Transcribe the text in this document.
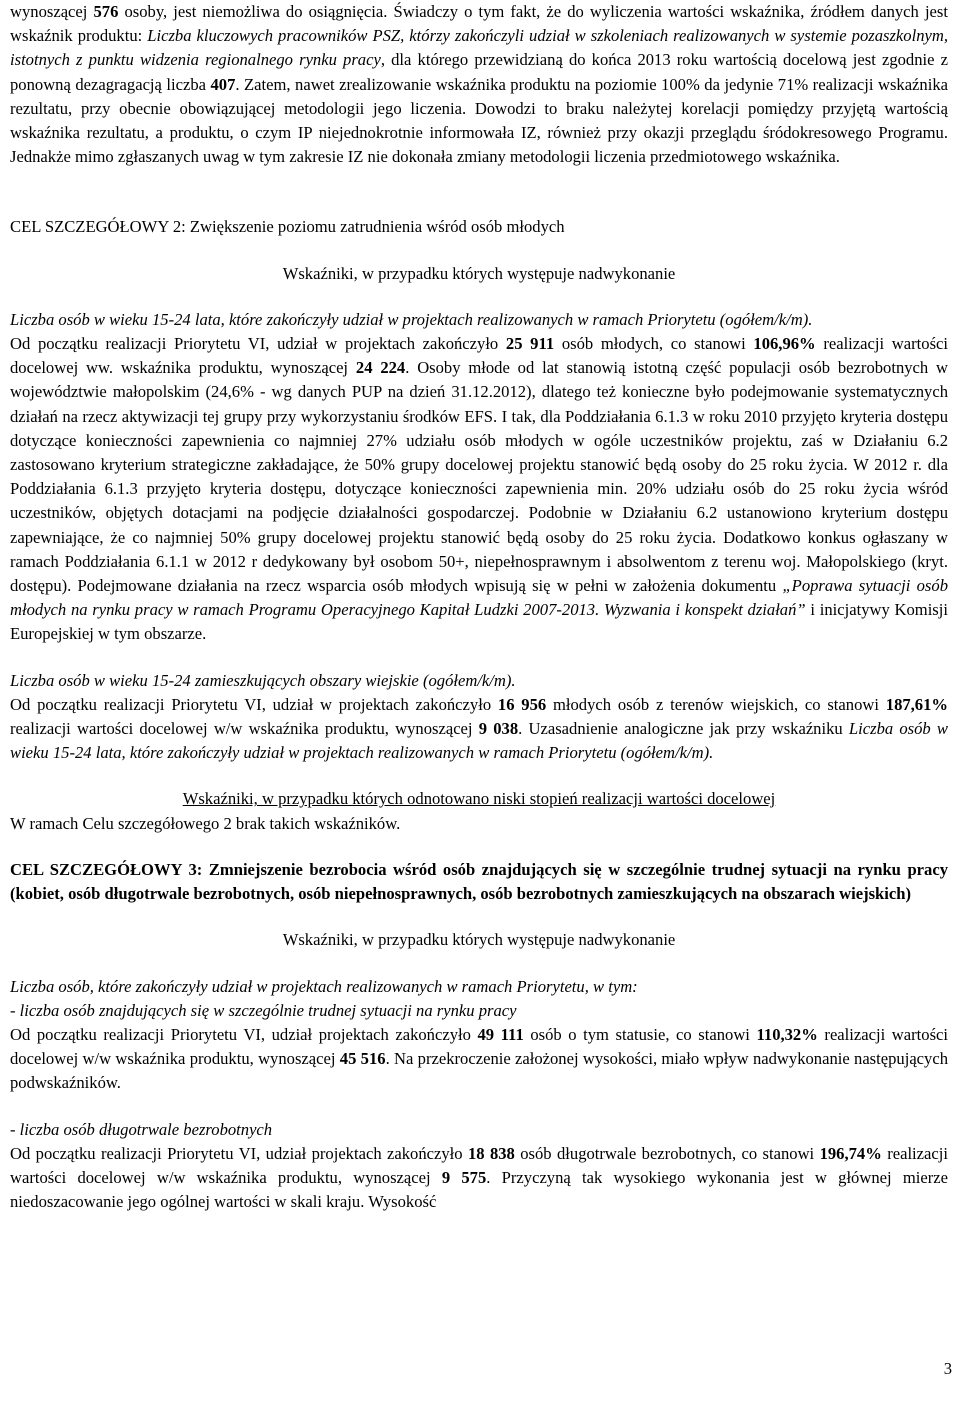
wynoszącej 576 osoby, jest niemożliwa do osiągnięcia. Świadczy o tym fakt, że do wyliczenia wartości wskaźnika, źródłem danych jest wskaźnik produktu: Liczba kluczowych pracowników PSZ, którzy zakończyli udział w szkoleniach realizowanych w systemie pozaszkolnym, istotnych z punktu widzenia regionalnego rynku pracy, dla którego przewidzianą do końca 2013 roku wartością docelową jest zgodnie z ponowną dezagragacją liczba 407. Zatem, nawet zrealizowanie wskaźnika produktu na poziomie 100% da jedynie 71% realizacji wskaźnika rezultatu, przy obecnie obowiązującej metodologii jego liczenia. Dowodzi to braku należytej korelacji pomiędzy przyjętą wartością wskaźnika rezultatu, a produktu, o czym IP niejednokrotnie informowała IZ, również przy okazji przeglądu śródokresowego Programu. Jednakże mimo zgłaszanych uwag w tym zakresie IZ nie dokonała zmiany metodologii liczenia przedmiotowego wskaźnika.

CEL SZCZEGÓŁOWY 2: Zwiększenie poziomu zatrudnienia wśród osób młodych

Wskaźniki, w przypadku których występuje nadwykonanie

Liczba osób w wieku 15-24 lata, które zakończyły udział w projektach realizowanych w ramach Priorytetu (ogółem/k/m).

Od początku realizacji Priorytetu VI, udział w projektach zakończyło 25 911 osób młodych, co stanowi 106,96% realizacji wartości docelowej ww. wskaźnika produktu, wynoszącej 24 224. Osoby młode od lat stanowią istotną część populacji osób bezrobotnych w województwie małopolskim (24,6% - wg danych PUP na dzień 31.12.2012), dlatego też konieczne było podejmowanie systematycznych działań na rzecz aktywizacji tej grupy przy wykorzystaniu środków EFS. I tak, dla Poddziałania 6.1.3 w roku 2010 przyjęto kryteria dostępu dotyczące konieczności zapewnienia co najmniej 27% udziału osób młodych w ogóle uczestników projektu, zaś w Działaniu 6.2 zastosowano kryterium strategiczne zakładające, że 50% grupy docelowej projektu stanowić będą osoby do 25 roku życia. W 2012 r. dla Poddziałania 6.1.3 przyjęto kryteria dostępu, dotyczące konieczności zapewnienia min. 20% udziału osób do 25 roku życia wśród uczestników, objętych dotacjami na podjęcie działalności gospodarczej. Podobnie w Działaniu 6.2 ustanowiono kryterium dostępu zapewniające, że co najmniej 50% grupy docelowej projektu stanowić będą osoby do 25 roku życia. Dodatkowo konkus ogłaszany w ramach Poddziałania 6.1.1 w 2012 r dedykowany był osobom 50+, niepełnosprawnym i absolwentom z terenu woj. Małopolskiego (kryt. dostępu). Podejmowane działania na rzecz wsparcia osób młodych wpisują się w pełni w założenia dokumentu „Poprawa sytuacji osób młodych na rynku pracy w ramach Programu Operacyjnego Kapitał Ludzki 2007-2013. Wyzwania i konspekt działań” i inicjatywy Komisji Europejskiej w tym obszarze.

Liczba osób w wieku 15-24 zamieszkujących obszary wiejskie (ogółem/k/m).

Od początku realizacji Priorytetu VI, udział w projektach zakończyło 16 956 młodych osób z terenów wiejskich, co stanowi 187,61% realizacji wartości docelowej w/w wskaźnika produktu, wynoszącej 9 038. Uzasadnienie analogiczne jak przy wskaźniku Liczba osób w wieku 15-24 lata, które zakończyły udział w projektach realizowanych w ramach Priorytetu (ogółem/k/m).

Wskaźniki, w przypadku których odnotowano niski stopień realizacji wartości docelowej

W ramach Celu szczegółowego 2 brak takich wskaźników.

CEL SZCZEGÓŁOWY 3: Zmniejszenie bezrobocia wśród osób znajdujących się w szczególnie trudnej sytuacji na rynku pracy (kobiet, osób długotrwale bezrobotnych, osób niepełnosprawnych, osób bezrobotnych zamieszkujących na obszarach wiejskich)

Wskaźniki, w przypadku których występuje nadwykonanie

Liczba osób, które zakończyły udział w projektach realizowanych w ramach Priorytetu, w tym:

- liczba osób znajdujących się w szczególnie trudnej sytuacji na rynku pracy

Od początku realizacji Priorytetu VI, udział projektach zakończyło 49 111 osób o tym statusie, co stanowi 110,32% realizacji wartości docelowej w/w wskaźnika produktu, wynoszącej 45 516. Na przekroczenie założonej wysokości, miało wpływ nadwykonanie następujących podwskaźników.

- liczba osób długotrwale bezrobotnych

Od początku realizacji Priorytetu VI, udział projektach zakończyło 18 838 osób długotrwale bezrobotnych, co stanowi 196,74% realizacji wartości docelowej w/w wskaźnika produktu, wynoszącej 9 575. Przyczyną tak wysokiego wykonania jest w głównej mierze niedoszacowanie jego ogólnej wartości w skali kraju. Wysokość

3
